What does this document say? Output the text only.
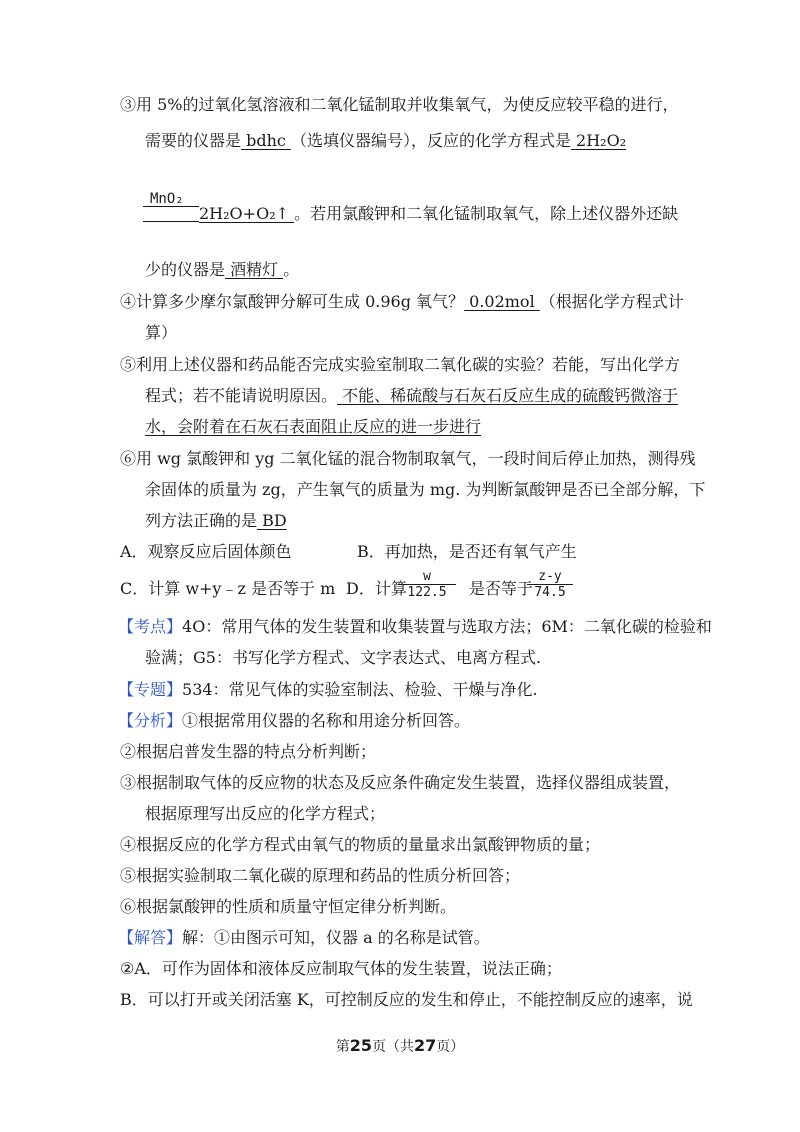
③用 5%的过氧化氢溶液和二氧化锰制取并收集氧气，为使反应较平稳的进行，
需要的仪器是 bdhc （选填仪器编号），反应的化学方程式是 2H₂O₂
MnO₂
2H₂O+O₂↑ 。若用氯酸钾和二氧化锰制取氧气，除上述仪器外还缺
少的仪器是 酒精灯 。
④计算多少摩尔氯酸钾分解可生成 0.96g 氧气？ 0.02mol （根据化学方程式计
算）
⑤利用上述仪器和药品能否完成实验室制取二氧化碳的实验？若能，写出化学方
程式；若不能请说明原因。 不能、稀硫酸与石灰石反应生成的硫酸钙微溶于
水，会附着在石灰石表面阻止反应的进一步进行
⑥用 wg 氯酸钾和 yg 二氧化锰的混合物制取氧气，一段时间后停止加热，测得残
余固体的质量为 zg，产生氧气的质量为 mg. 为判断氯酸钾是否已全部分解，下
列方法正确的是 BD
A．观察反应后固体颜色	B．再加热，是否还有氧气产生
C．计算 w+y﹣z 是否等于 m D．计算	是否等于
$\frac{w}{122.5}$	$\frac{z-y}{74.5}$
【考点】4O：常用气体的发生装置和收集装置与选取方法；6M：二氧化碳的检验和
验满；G5：书写化学方程式、文字表达式、电离方程式.
【专题】534：常见气体的实验室制法、检验、干燥与净化.
【分析】①根据常用仪器的名称和用途分析回答。
②根据启普发生器的特点分析判断；
③根据制取气体的反应物的状态及反应条件确定发生装置，选择仪器组成装置，
根据原理写出反应的化学方程式；
④根据反应的化学方程式由氧气的物质的量量求出氯酸钾物质的量；
⑤根据实验制取二氧化碳的原理和药品的性质分析回答；
⑥根据氯酸钾的性质和质量守恒定律分析判断。
【解答】解：①由图示可知，仪器 a 的名称是试管。
②A．可作为固体和液体反应制取气体的发生装置，说法正确；
B．可以打开或关闭活塞 K，可控制反应的发生和停止，不能控制反应的速率，说
第25页（共27页）
